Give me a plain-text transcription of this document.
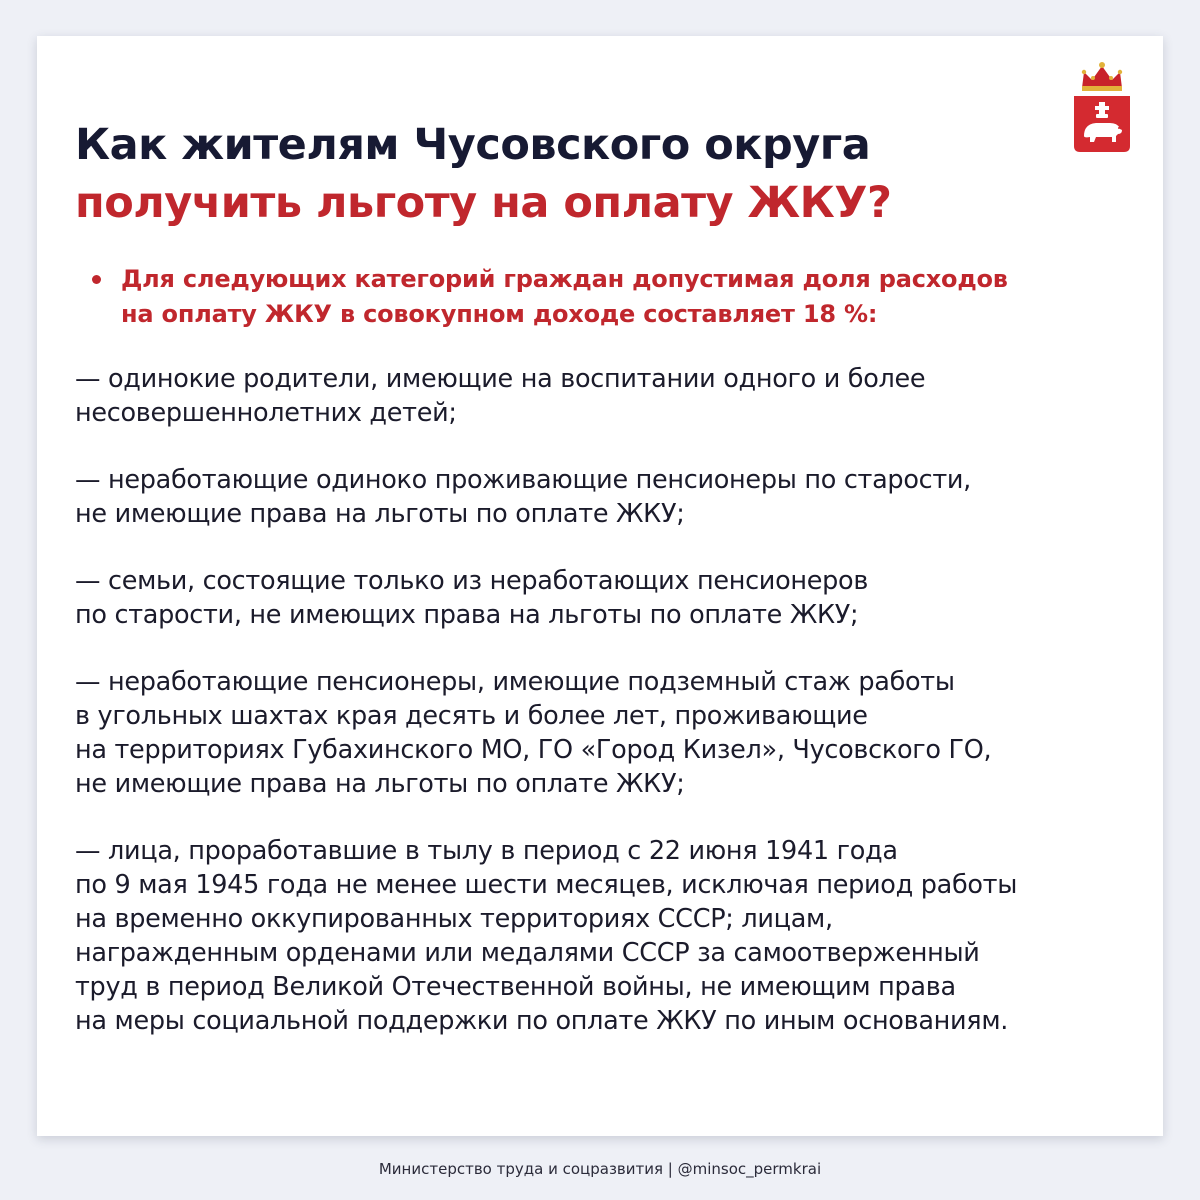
Как жителям Чусовского округа
получить льготу на оплату ЖКУ?
Для следующих категорий граждан допустимая доля расходов
на оплату ЖКУ в совокупном доходе составляет 18 %:

— одинокие родители, имеющие на воспитании одного и более
несовершеннолетних детей;

— неработающие одиноко проживающие пенсионеры по старости,
не имеющие права на льготы по оплате ЖКУ;

— семьи, состоящие только из неработающих пенсионеров
по старости, не имеющих права на льготы по оплате ЖКУ;

— неработающие пенсионеры, имеющие подземный стаж работы
в угольных шахтах края десять и более лет, проживающие
на территориях Губахинского МО, ГО «Город Кизел», Чусовского ГО,
не имеющие права на льготы по оплате ЖКУ;

— лица, проработавшие в тылу в период с 22 июня 1941 года
по 9 мая 1945 года не менее шести месяцев, исключая период работы
на временно оккупированных территориях СССР; лицам,
награжденным орденами или медалями СССР за самоотверженный
труд в период Великой Отечественной войны, не имеющим права
на меры социальной поддержки по оплате ЖКУ по иным основаниям.

Министерство труда и соцразвития | @minsoc_permkrai
